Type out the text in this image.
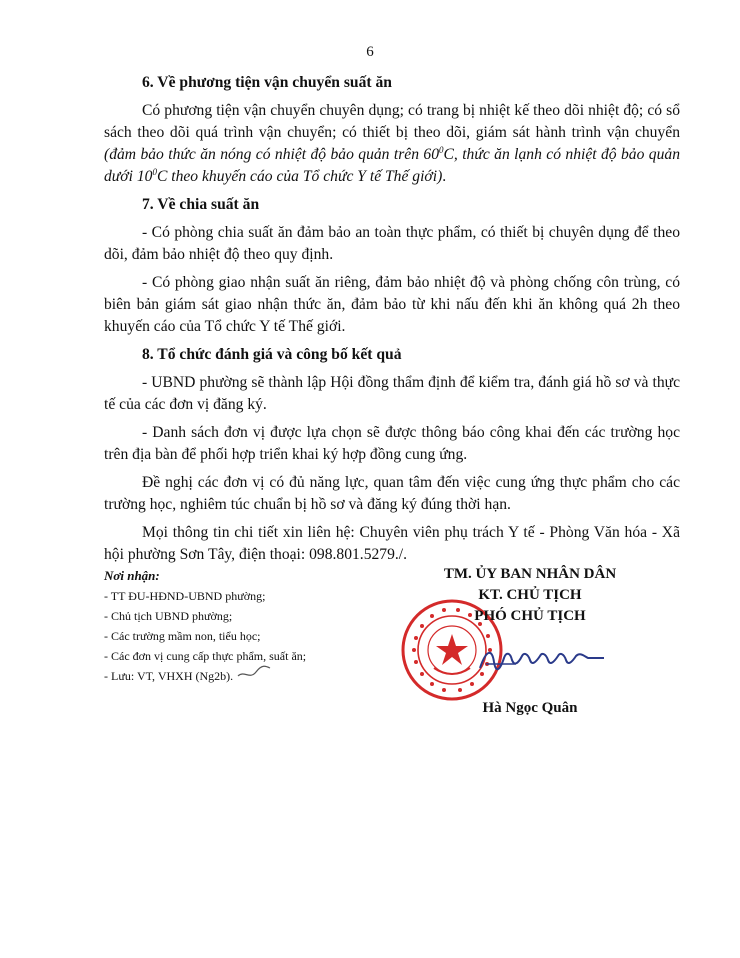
6
6. Về phương tiện vận chuyển suất ăn

Có phương tiện vận chuyển chuyên dụng; có trang bị nhiệt kế theo dõi nhiệt độ; có sổ sách theo dõi quá trình vận chuyển; có thiết bị theo dõi, giám sát hành trình vận chuyển (đảm bảo thức ăn nóng có nhiệt độ bảo quản trên $60^0C$, thức ăn lạnh có nhiệt độ bảo quản dưới $10^0C$ theo khuyến cáo của Tổ chức Y tế Thế giới).

7. Về chia suất ăn

- Có phòng chia suất ăn đảm bảo an toàn thực phẩm, có thiết bị chuyên dụng để theo dõi, đảm bảo nhiệt độ theo quy định.

- Có phòng giao nhận suất ăn riêng, đảm bảo nhiệt độ và phòng chống côn trùng, có biên bản giám sát giao nhận thức ăn, đảm bảo từ khi nấu đến khi ăn không quá 2h theo khuyến cáo của Tổ chức Y tế Thế giới.

8. Tổ chức đánh giá và công bố kết quả

- UBND phường sẽ thành lập Hội đồng thẩm định để kiểm tra, đánh giá hồ sơ và thực tế của các đơn vị đăng ký.

- Danh sách đơn vị được lựa chọn sẽ được thông báo công khai đến các trường học trên địa bàn để phối hợp triển khai ký hợp đồng cung ứng.

Đề nghị các đơn vị có đủ năng lực, quan tâm đến việc cung ứng thực phẩm cho các trường học, nghiêm túc chuẩn bị hồ sơ và đăng ký đúng thời hạn.

Mọi thông tin chi tiết xin liên hệ: Chuyên viên phụ trách Y tế - Phòng Văn hóa - Xã hội phường Sơn Tây, điện thoại: 098.801.5279./.

Nơi nhận:
- TT ĐU-HĐND-UBND phường;
- Chủ tịch UBND phường;
- Các trường mầm non, tiểu học;
- Các đơn vị cung cấp thực phẩm, suất ăn;
- Lưu: VT, VHXH (Ng2b).
TM. ỦY BAN NHÂN DÂN
KT. CHỦ TỊCH
PHÓ CHỦ TỊCH
Hà Ngọc Quân
